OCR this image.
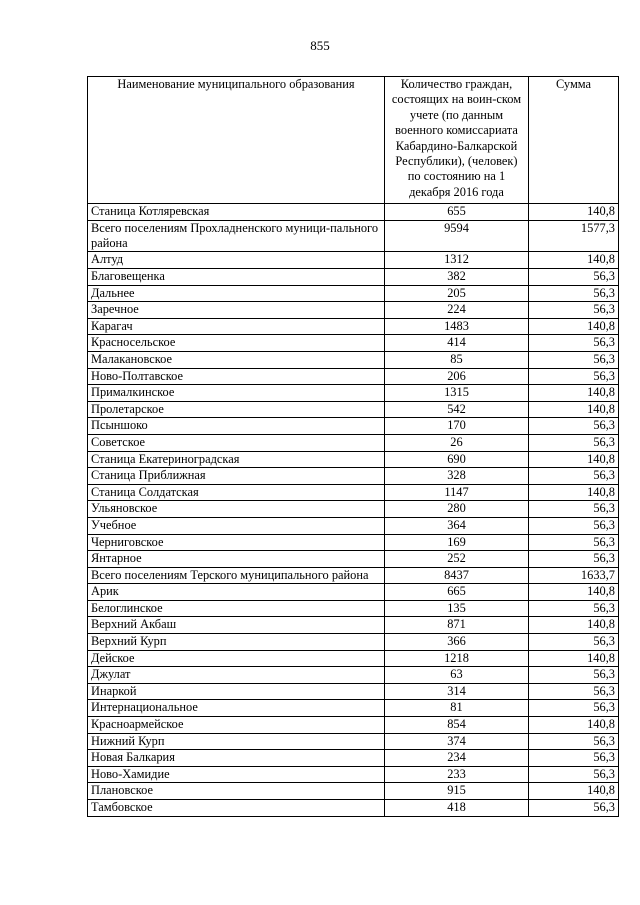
855
Наименование муниципального образования	Количество граждан, состоящих на воин-ском учете (по данным военного комиссариата Кабардино-Балкарской Республики), (человек) по состоянию на 1 декабря 2016 года	Сумма
Станица Котляревская	655	140,8
Всего поселениям Прохладненского муници-пального района	9594	1577,3
Алтуд	1312	140,8
Благовещенка	382	56,3
Дальнее	205	56,3
Заречное	224	56,3
Карагач	1483	140,8
Красносельское	414	56,3
Малакановское	85	56,3
Ново-Полтавское	206	56,3
Прималкинское	1315	140,8
Пролетарское	542	140,8
Псыншоко	170	56,3
Советское	26	56,3
Станица Екатериноградская	690	140,8
Станица Приближная	328	56,3
Станица Солдатская	1147	140,8
Ульяновское	280	56,3
Учебное	364	56,3
Черниговское	169	56,3
Янтарное	252	56,3
Всего поселениям Терского муниципального района	8437	1633,7
Арик	665	140,8
Белоглинское	135	56,3
Верхний Акбаш	871	140,8
Верхний Курп	366	56,3
Дейское	1218	140,8
Джулат	63	56,3
Инаркой	314	56,3
Интернациональное	81	56,3
Красноармейское	854	140,8
Нижний Курп	374	56,3
Новая Балкария	234	56,3
Ново-Хамидие	233	56,3
Плановское	915	140,8
Тамбовское	418	56,3
